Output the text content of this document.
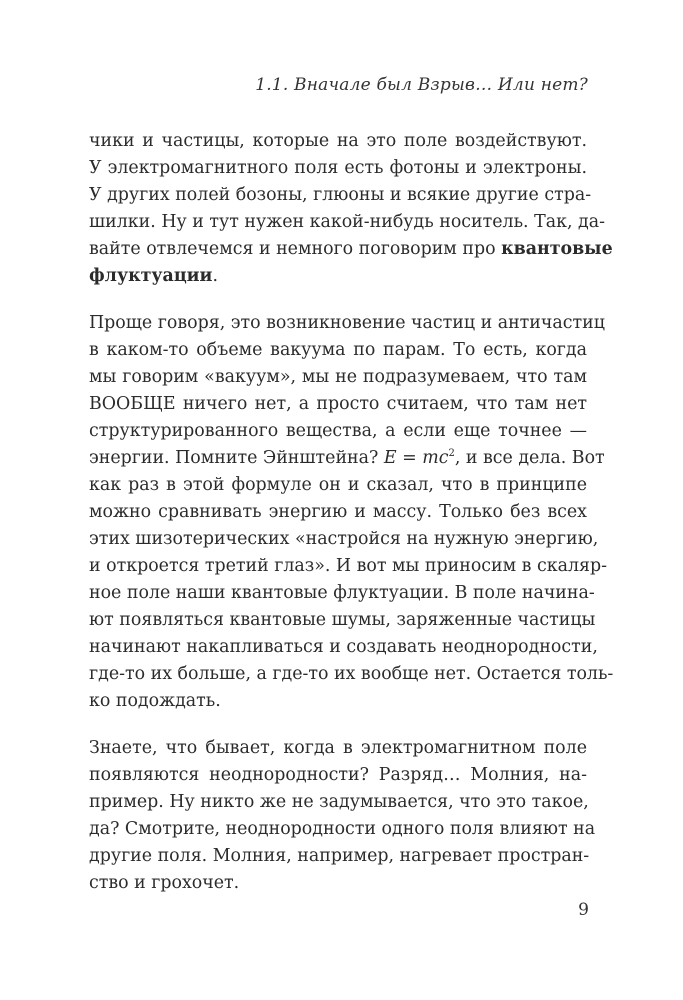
1.1. Вначале был Взрыв… Или нет?

чики и частицы, которые на это поле воздействуют.
У электромагнитного поля есть фотоны и электроны.
У других полей бозоны, глюоны и всякие другие стра-
шилки. Ну и тут нужен какой-нибудь носитель. Так, да-
вайте отвлечемся и немного поговорим про квантовые
флуктуации.

Проще говоря, это возникновение частиц и античастиц
в каком-то объеме вакуума по парам. То есть, когда
мы говорим «вакуум», мы не подразумеваем, что там
ВООБЩЕ ничего нет, а просто считаем, что там нет
структурированного вещества, а если еще точнее —
энергии. Помните Эйнштейна? $E = mc^2$, и все дела. Вот
как раз в этой формуле он и сказал, что в принципе
можно сравнивать энергию и массу. Только без всех
этих шизотерических «настройся на нужную энергию,
и откроется третий глаз». И вот мы приносим в скаляр-
ное поле наши квантовые флуктуации. В поле начина-
ют появляться квантовые шумы, заряженные частицы
начинают накапливаться и создавать неоднородности,
где-то их больше, а где-то их вообще нет. Остается толь-
ко подождать.

Знаете, что бывает, когда в электромагнитном поле
появляются неоднородности? Разряд… Молния, на-
пример. Ну никто же не задумывается, что это такое,
да? Смотрите, неоднородности одного поля влияют на
другие поля. Молния, например, нагревает простран-
ство и грохочет.

9
